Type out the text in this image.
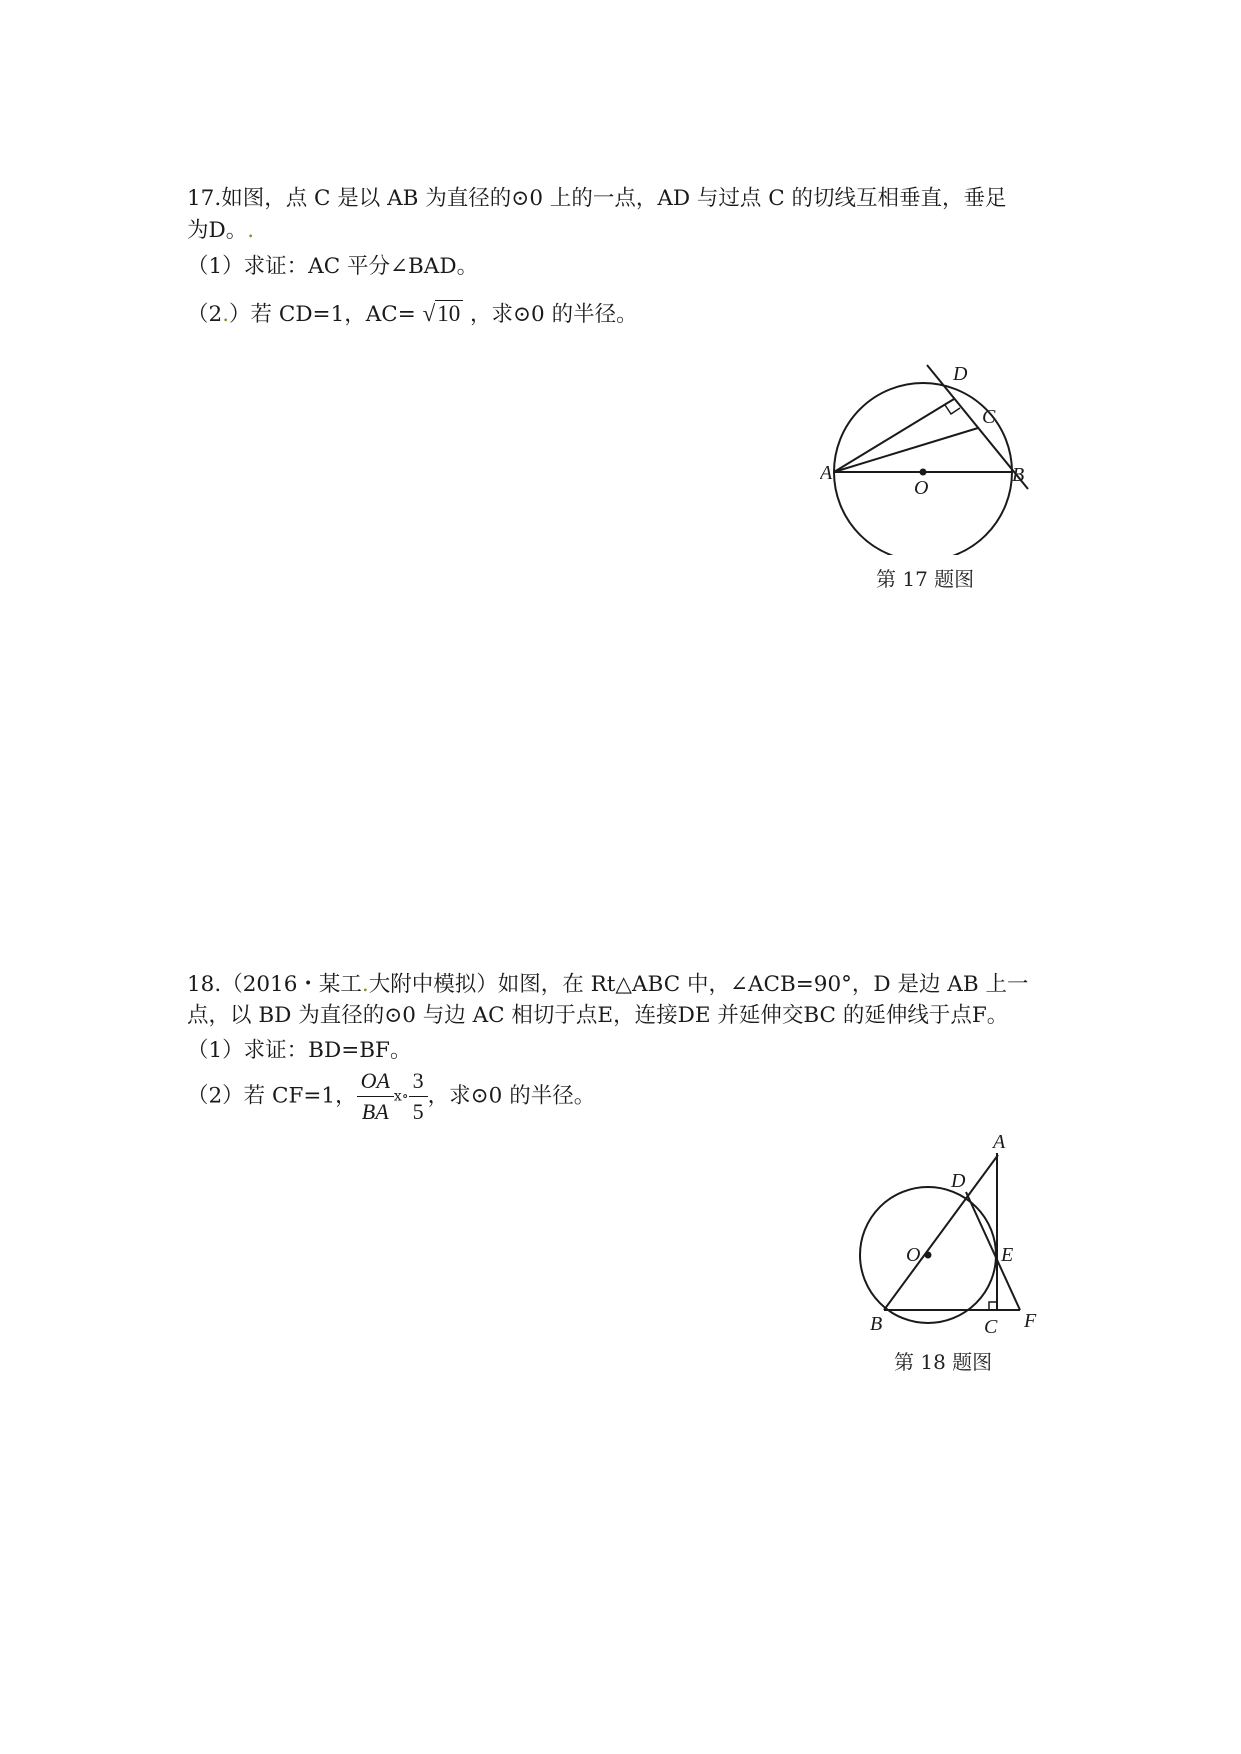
17.如图，点 C 是以 AB 为直径的⊙0 上的一点，AD 与过点 C 的切线互相垂直，垂足
为D。.
（1）求证：AC 平分∠BAD。
（2.）若 CD=1，AC= √10 ，求⊙0 的半径。
D
C
A
O
B
第 17 题图
18.（2016・某工.大附中模拟）如图，在 Rt△ABC 中，∠ACB=90°，D 是边 AB 上一
点，以 BD 为直径的⊙0 与边 AC 相切于点E，连接DE 并延伸交BC 的延伸线于点F。
（1）求证：BD=BF。
（2）若 CF=1， $\frac{OA}{BA}$ ⅹ∘ $\frac{3}{5}$ ，求⊙0 的半径。
A
D
O	E
B	C F
第 18 题图
